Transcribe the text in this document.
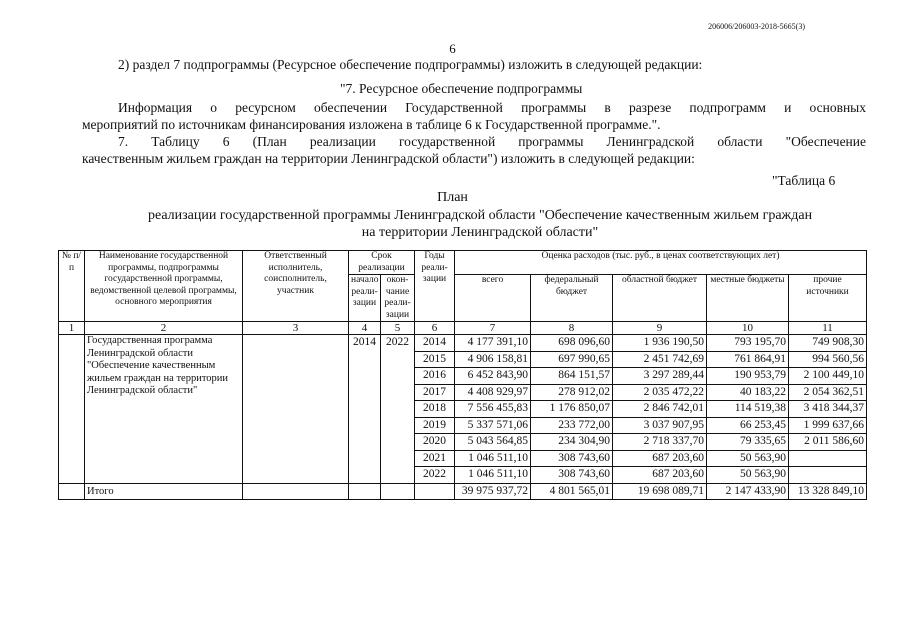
206006/206003-2018-5665(3)
6
2) раздел 7 подпрограммы (Ресурсное обеспечение подпрограммы) изложить в следующей редакции:
"7. Ресурсное обеспечение подпрограммы
Информация о ресурсном обеспечении Государственной программы в разрезе подпрограмм и основных
мероприятий по источникам финансирования изложена в таблице 6 к Государственной программе.".
7. Таблицу 6 (План реализации государственной программы Ленинградской области "Обеспечение
качественным жильем граждан на территории Ленинградской области") изложить в следующей редакции:
"Таблица 6
План
реализации государственной программы Ленинградской области "Обеспечение качественным жильем граждан
на территории Ленинградской области"
№ п/п	Наименование государственной программы, подпрограммы государственной программы, ведомственной целевой программы, основного мероприятия	Ответственный исполнитель, соисполнитель, участник	Срок реализации		Годы реали-зации	Оценка расходов (тыс. руб., в ценах соответствующих лет)				
			начало реали-зации	окон-чание реали-зации		всего	федеральный бюджет	областной бюджет	местные бюджеты	прочие источники

1	2	3	4	5	6	7	8	9	10	11
	Государственная программа Ленинградской области "Обеспечение качественным жильем граждан на территории Ленинградской области"		2014	2022	2014	4 177 391,10	698 096,60	1 936 190,50	793 195,70	749 908,30
					2015	4 906 158,81	697 990,65	2 451 742,69	761 864,91	994 560,56
					2016	6 452 843,90	864 151,57	3 297 289,44	190 953,79	2 100 449,10
					2017	4 408 929,97	278 912,02	2 035 472,22	40 183,22	2 054 362,51
					2018	7 556 455,83	1 176 850,07	2 846 742,01	114 519,38	3 418 344,37
					2019	5 337 571,06	233 772,00	3 037 907,95	66 253,45	1 999 637,66
					2020	5 043 564,85	234 304,90	2 718 337,70	79 335,65	2 011 586,60
					2021	1 046 511,10	308 743,60	687 203,60	50 563,90	
					2022	1 046 511,10	308 743,60	687 203,60	50 563,90	
	Итого					39 975 937,72	4 801 565,01	19 698 089,71	2 147 433,90	13 328 849,10
